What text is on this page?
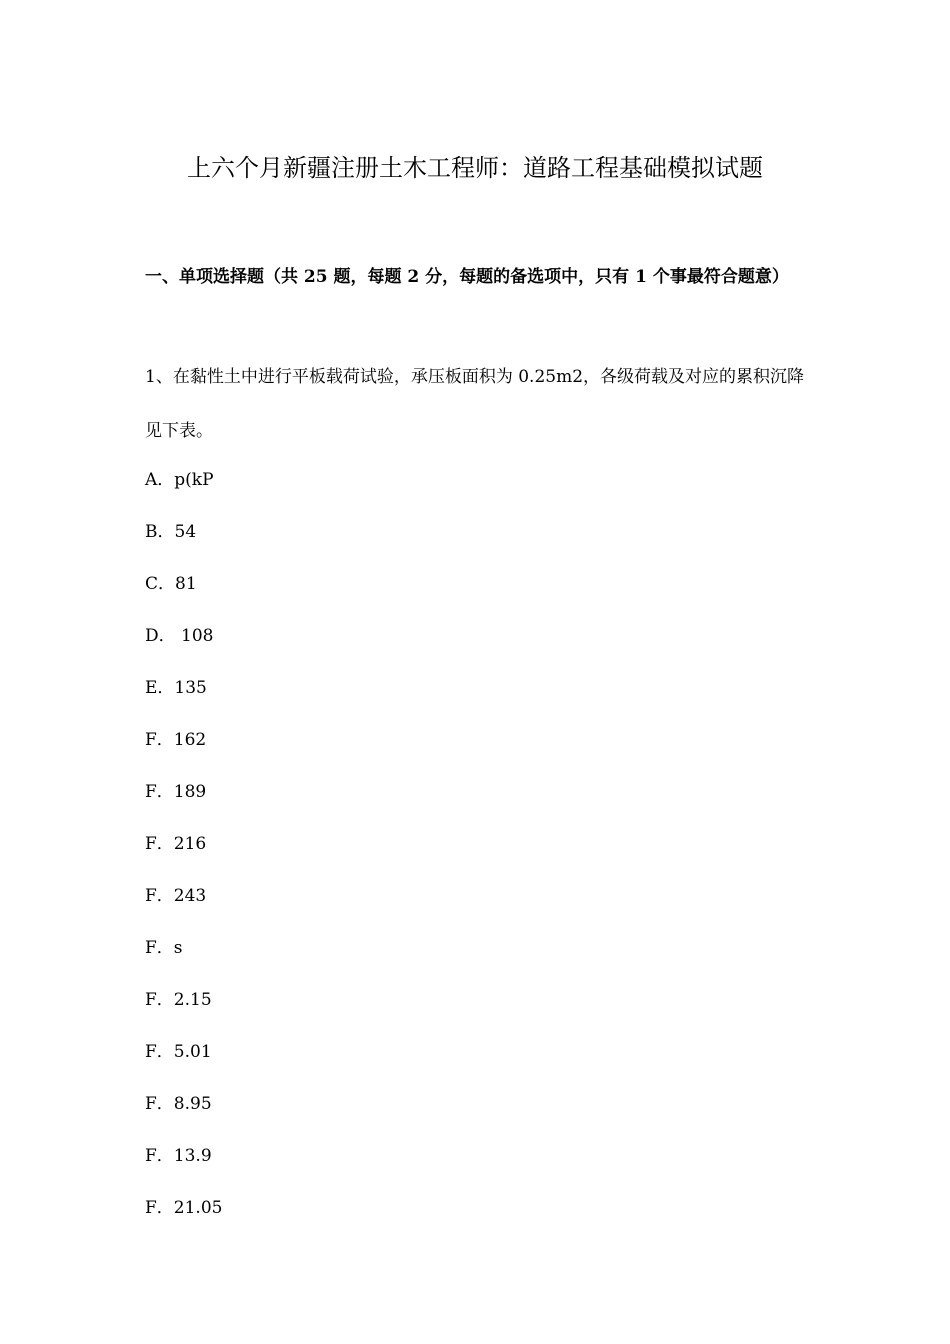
上六个月新疆注册土木工程师：道路工程基础模拟试题
一、单项选择题（共 25 题，每题 2 分，每题的备选项中，只有 1 个事最符合题意）
1、在黏性土中进行平板载荷试验，承压板面积为 0.25m2，各级荷载及对应的累积沉降见下表。
A．p(kP
B．54
C．81
D． 108
E．135
F．162
F．189
F．216
F．243
F．s
F．2.15
F．5.01
F．8.95
F．13.9
F．21.05
